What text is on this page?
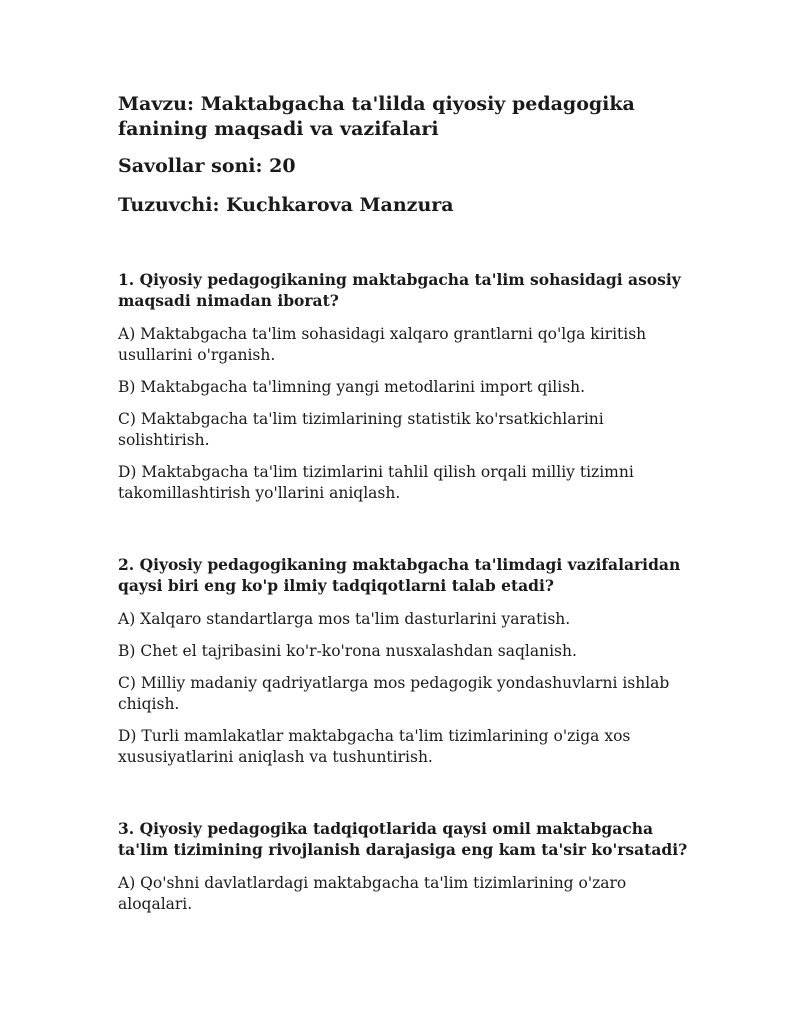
Mavzu: Maktabgacha ta'lilda qiyosiy pedagogika fanining maqsadi va vazifalari

Savollar soni: 20

Tuzuvchi: Kuchkarova Manzura

1. Qiyosiy pedagogikaning maktabgacha ta'lim sohasidagi asosiy maqsadi nimadan iborat?

A) Maktabgacha ta'lim sohasidagi xalqaro grantlarni qo'lga kiritish usullarini o'rganish.

B) Maktabgacha ta'limning yangi metodlarini import qilish.

C) Maktabgacha ta'lim tizimlarining statistik ko'rsatkichlarini solishtirish.

D) Maktabgacha ta'lim tizimlarini tahlil qilish orqali milliy tizimni takomillashtirish yo'llarini aniqlash.

2. Qiyosiy pedagogikaning maktabgacha ta'limdagi vazifalaridan qaysi biri eng ko'p ilmiy tadqiqotlarni talab etadi?

A) Xalqaro standartlarga mos ta'lim dasturlarini yaratish.

B) Chet el tajribasini ko'r-ko'rona nusxalashdan saqlanish.

C) Milliy madaniy qadriyatlarga mos pedagogik yondashuvlarni ishlab chiqish.

D) Turli mamlakatlar maktabgacha ta'lim tizimlarining o'ziga xos xususiyatlarini aniqlash va tushuntirish.

3. Qiyosiy pedagogika tadqiqotlarida qaysi omil maktabgacha ta'lim tizimining rivojlanish darajasiga eng kam ta'sir ko'rsatadi?

A) Qo'shni davlatlardagi maktabgacha ta'lim tizimlarining o'zaro aloqalari.
